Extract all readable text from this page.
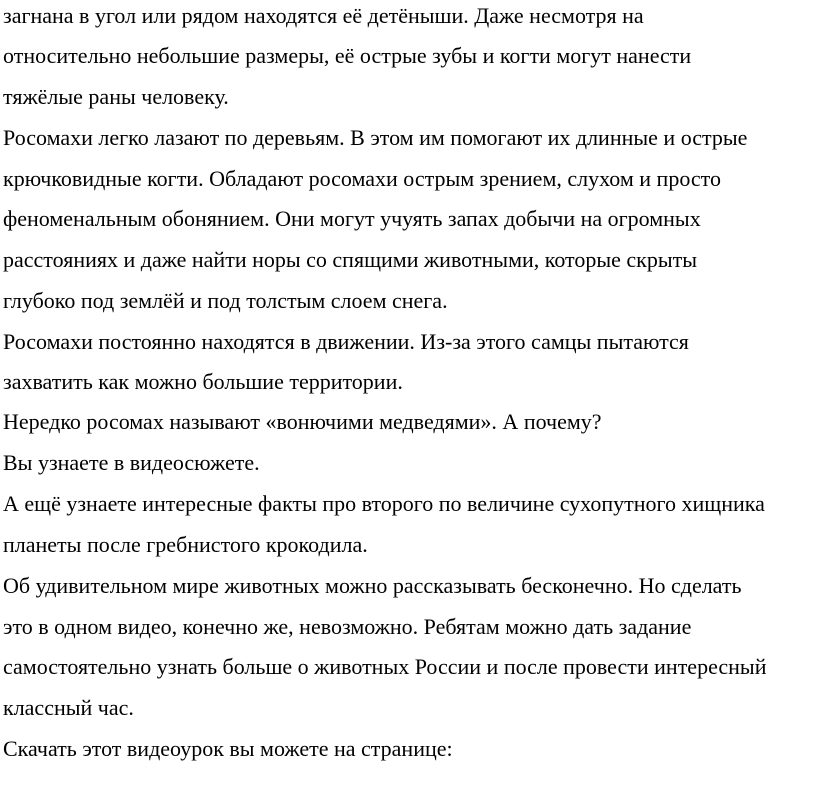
загнана в угол или рядом находятся её детёныши. Даже несмотря на
относительно небольшие размеры, её острые зубы и когти могут нанести
тяжёлые раны человеку.
Росомахи легко лазают по деревьям. В этом им помогают их длинные и острые
крючковидные когти. Обладают росомахи острым зрением, слухом и просто
феноменальным обонянием. Они могут учуять запах добычи на огромных
расстояниях и даже найти норы со спящими животными, которые скрыты
глубоко под землёй и под толстым слоем снега.
Росомахи постоянно находятся в движении. Из-за этого самцы пытаются
захватить как можно большие территории.
Нередко росомах называют «вонючими медведями». А почему?
Вы узнаете в видеосюжете.
А ещё узнаете интересные факты про второго по величине сухопутного хищника
планеты после гребнистого крокодила.
Об удивительном мире животных можно рассказывать бесконечно. Но сделать
это в одном видео, конечно же, невозможно. Ребятам можно дать задание
самостоятельно узнать больше о животных России и после провести интересный
классный час.
Скачать этот видеоурок вы можете на странице:
